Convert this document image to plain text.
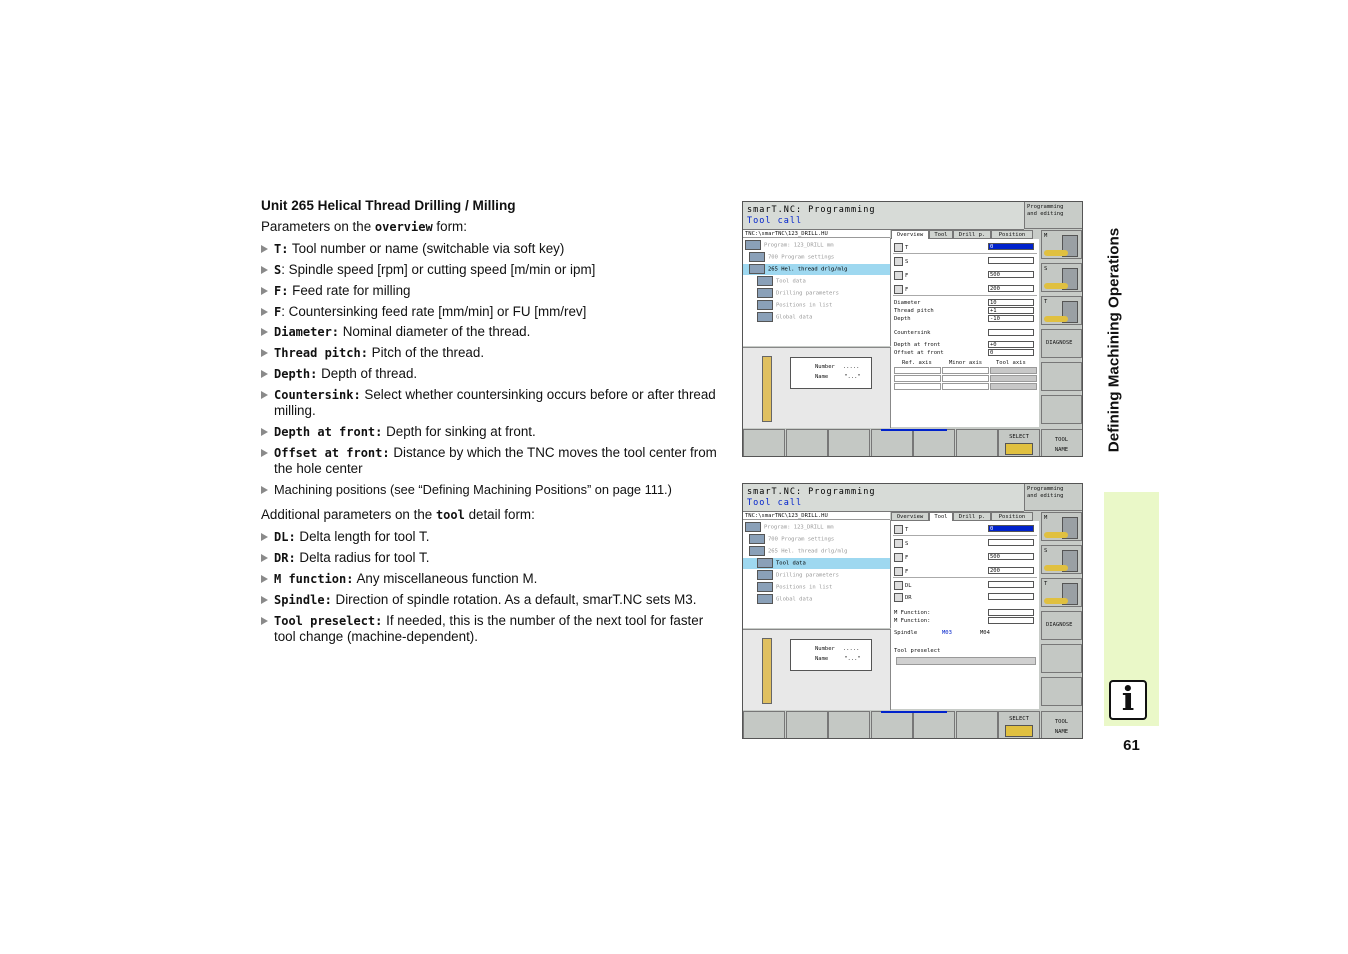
Unit 265 Helical Thread Drilling / Milling

Parameters on the overview form:

T: Tool number or name (switchable via soft key)
S: Spindle speed [rpm] or cutting speed [m/min or ipm]
F: Feed rate for milling
F: Countersinking feed rate [mm/min] or FU [mm/rev]
Diameter: Nominal diameter of the thread.
Thread pitch: Pitch of the thread.
Depth: Depth of thread.
Countersink: Select whether countersinking occurs before or after thread milling.
Depth at front: Depth for sinking at front.
Offset at front: Distance by which the TNC moves the tool center from the hole center
Machining positions (see “Defining Machining Positions” on page 111.)

Additional parameters on the tool detail form:

DL: Delta length for tool T.
DR: Delta radius for tool T.
M function: Any miscellaneous function M.
Spindle: Direction of spindle rotation. As a default, smarT.NC sets M3.
Tool preselect: If needed, this is the number of the next tool for faster tool change (machine-dependent).
Defining Machining Operations
i
61
smarT.NC: Programming
Tool call
Programming
and editing
TNC:\smarTNC\123_DRILL.HU
Program: 123_DRILL mm
700 Program settings
265 Hel. thread drlg/mlg
Tool data
Drilling parameters
Positions in list
Global data
Number .....
Name	"..."
Overview	Tool	Drill p.	Position
T	0
S
F	500
F	200
Diameter	10
Thread pitch	+1
Depth	-10
Countersink
Depth at front	+0
Offset at front	0
Ref. axis	Minor axis	Tool axis
M
S
T
DIAGNOSE
SELECT	TOOL
NAME
smarT.NC: Programming
Tool call
Programming
and editing
TNC:\smarTNC\123_DRILL.HU
Program: 123_DRILL mm
700 Program settings
265 Hel. thread drlg/mlg
Tool data
Drilling parameters
Positions in list
Global data
Number .....
Name	"..."
Overview	Tool	Drill p.	Position
T	0
S
F	500
F	200
DL
DR
M Function:
M Function:
Spindle	M03	M04
Tool preselect
M
S
T
DIAGNOSE
SELECT	TOOL
NAME
